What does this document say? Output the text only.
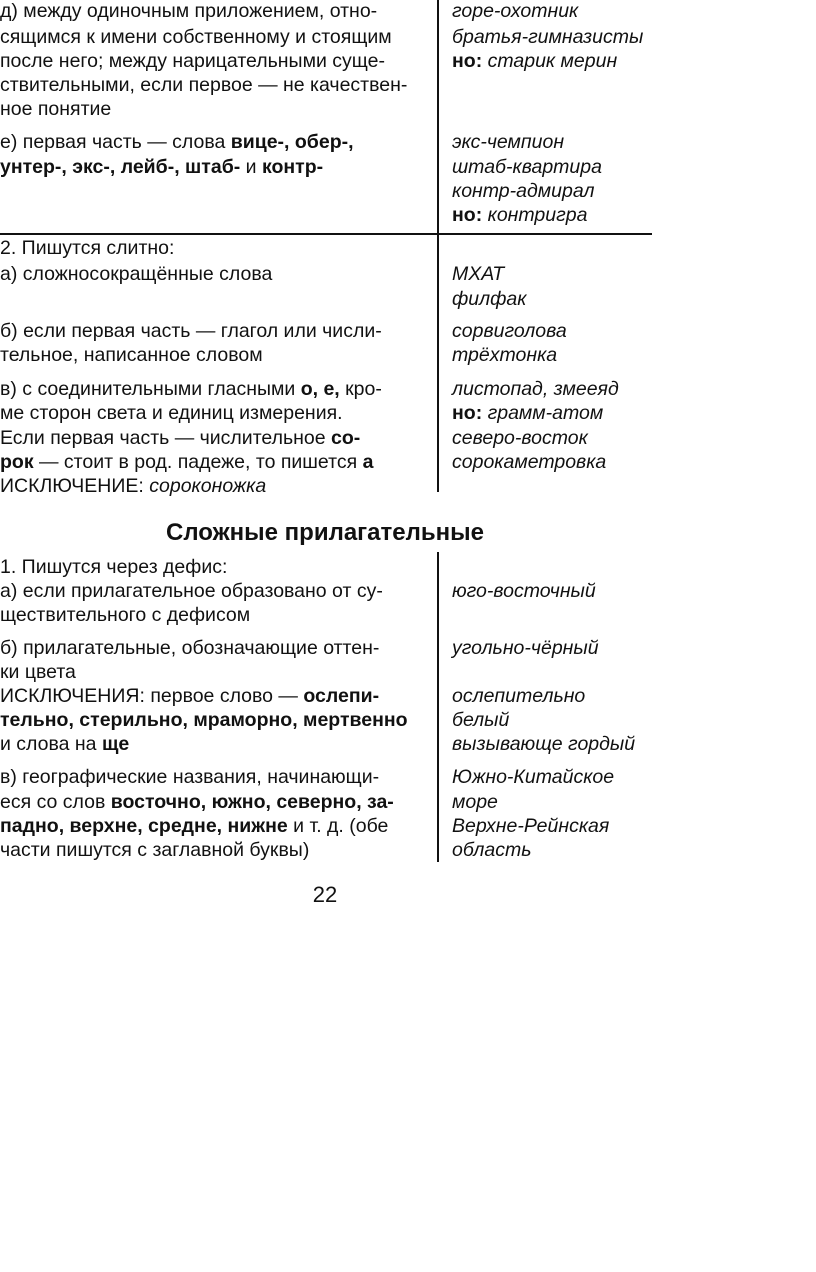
д) между одиночным приложением, отно-
сящимся к имени собственному и стоящим
после него; между нарицательными суще-
ствительными, если первое — не качествен-
ное понятие
горе-охотник
братья-гимназисты
но: старик мерин
е) первая часть — слова вице-, обер-,
унтер-, экс-, лейб-, штаб- и контр-
экс-чемпион
штаб-квартира
контр-адмирал
но: контригра
2. Пишутся слитно:
а) сложносокращённые слова	МХАТ
филфак
б) если первая часть — глагол или числи-
тельное, написанное словом
сорвиголова
трёхтонка
в) с соединительными гласными о, е, кро-
ме сторон света и единиц измерения.
Если первая часть — числительное со-
рок — стоит в род. падеже, то пишется а
ИСКЛЮЧЕНИЕ: сороконожка
листопад, змееяд
но: грамм-атом
северо-восток
сорокаметровка
Сложные прилагательные
1. Пишутся через дефис:
а) если прилагательное образовано от су-
ществительного с дефисом
юго-восточный
б) прилагательные, обозначающие оттен-
ки цвета
ИСКЛЮЧЕНИЯ: первое слово — ослепи-
тельно, стерильно, мраморно, мертвенно
и слова на ще
угольно-чёрный
ослепительно
белый
вызывающе гордый
в) географические названия, начинающи-
еся со слов восточно, южно, северно, за-
падно, верхне, средне, нижне и т. д. (обе
части пишутся с заглавной буквы)
Южно-Китайское
море
Верхне-Рейнская
область
22
